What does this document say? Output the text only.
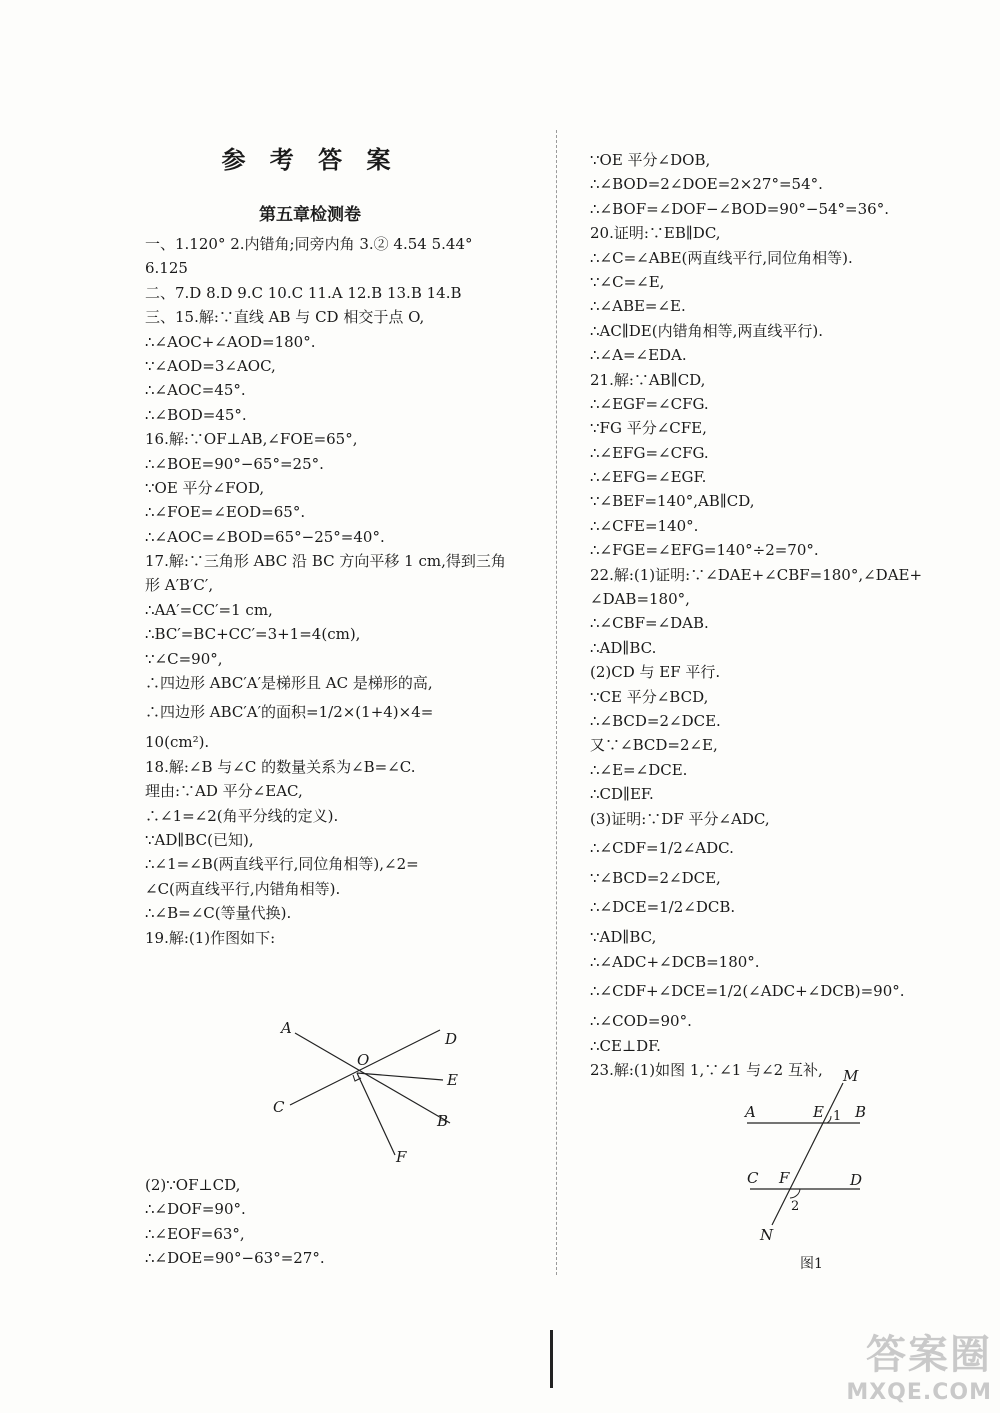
参 考 答 案
第五章检测卷
一、1.120° 2.内错角;同旁内角 3.② 4.54 5.44°
6.125
二、7.D 8.D 9.C 10.C 11.A 12.B 13.B 14.B
三、15.解:∵直线 AB 与 CD 相交于点 O,
∴∠AOC+∠AOD=180°.
∵∠AOD=3∠AOC,
∴∠AOC=45°.
∴∠BOD=45°.
16.解:∵OF⊥AB,∠FOE=65°,
∴∠BOE=90°−65°=25°.
∵OE 平分∠FOD,
∴∠FOE=∠EOD=65°.
∴∠AOC=∠BOD=65°−25°=40°.
17.解:∵三角形 ABC 沿 BC 方向平移 1 cm,得到三角
形 A′B′C′,
∴AA′=CC′=1 cm,
∴BC′=BC+CC′=3+1=4(cm),
∵∠C=90°,
∴四边形 ABC′A′是梯形且 AC 是梯形的高,
∴四边形 ABC′A′的面积=1/2×(1+4)×4=
10(cm²).
18.解:∠B 与∠C 的数量关系为∠B=∠C.
理由:∵AD 平分∠EAC,
∴∠1=∠2(角平分线的定义).
∵AD∥BC(已知),
∴∠1=∠B(两直线平行,同位角相等),∠2=
∠C(两直线平行,内错角相等).
∴∠B=∠C(等量代换).
19.解:(1)作图如下:
A
D
O
E
C
B
F
(2)∵OF⊥CD,
∴∠DOF=90°.
∴∠EOF=63°,
∴∠DOE=90°−63°=27°.
∵OE 平分∠DOB,
∴∠BOD=2∠DOE=2×27°=54°.
∴∠BOF=∠DOF−∠BOD=90°−54°=36°.
20.证明:∵EB∥DC,
∴∠C=∠ABE(两直线平行,同位角相等).
∵∠C=∠E,
∴∠ABE=∠E.
∴AC∥DE(内错角相等,两直线平行).
∴∠A=∠EDA.
21.解:∵AB∥CD,
∴∠EGF=∠CFG.
∵FG 平分∠CFE,
∴∠EFG=∠CFG.
∴∠EFG=∠EGF.
∵∠BEF=140°,AB∥CD,
∴∠CFE=140°.
∴∠FGE=∠EFG=140°÷2=70°.
22.解:(1)证明:∵∠DAE+∠CBF=180°,∠DAE+
∠DAB=180°,
∴∠CBF=∠DAB.
∴AD∥BC.
(2)CD 与 EF 平行.
∵CE 平分∠BCD,
∴∠BCD=2∠DCE.
又∵∠BCD=2∠E,
∴∠E=∠DCE.
∴CD∥EF.
(3)证明:∵DF 平分∠ADC,
∴∠CDF=1/2∠ADC.
∵∠BCD=2∠DCE,
∴∠DCE=1/2∠DCB.
∵AD∥BC,
∴∠ADC+∠DCB=180°.
∴∠CDF+∠DCE=1/2(∠ADC+∠DCB)=90°.
∴∠COD=90°.
∴CE⊥DF.
23.解:(1)如图 1,∵∠1 与∠2 互补,	M
A	E 1 B
C F	D
2
N
图1
答案圈
MXQE.COM
